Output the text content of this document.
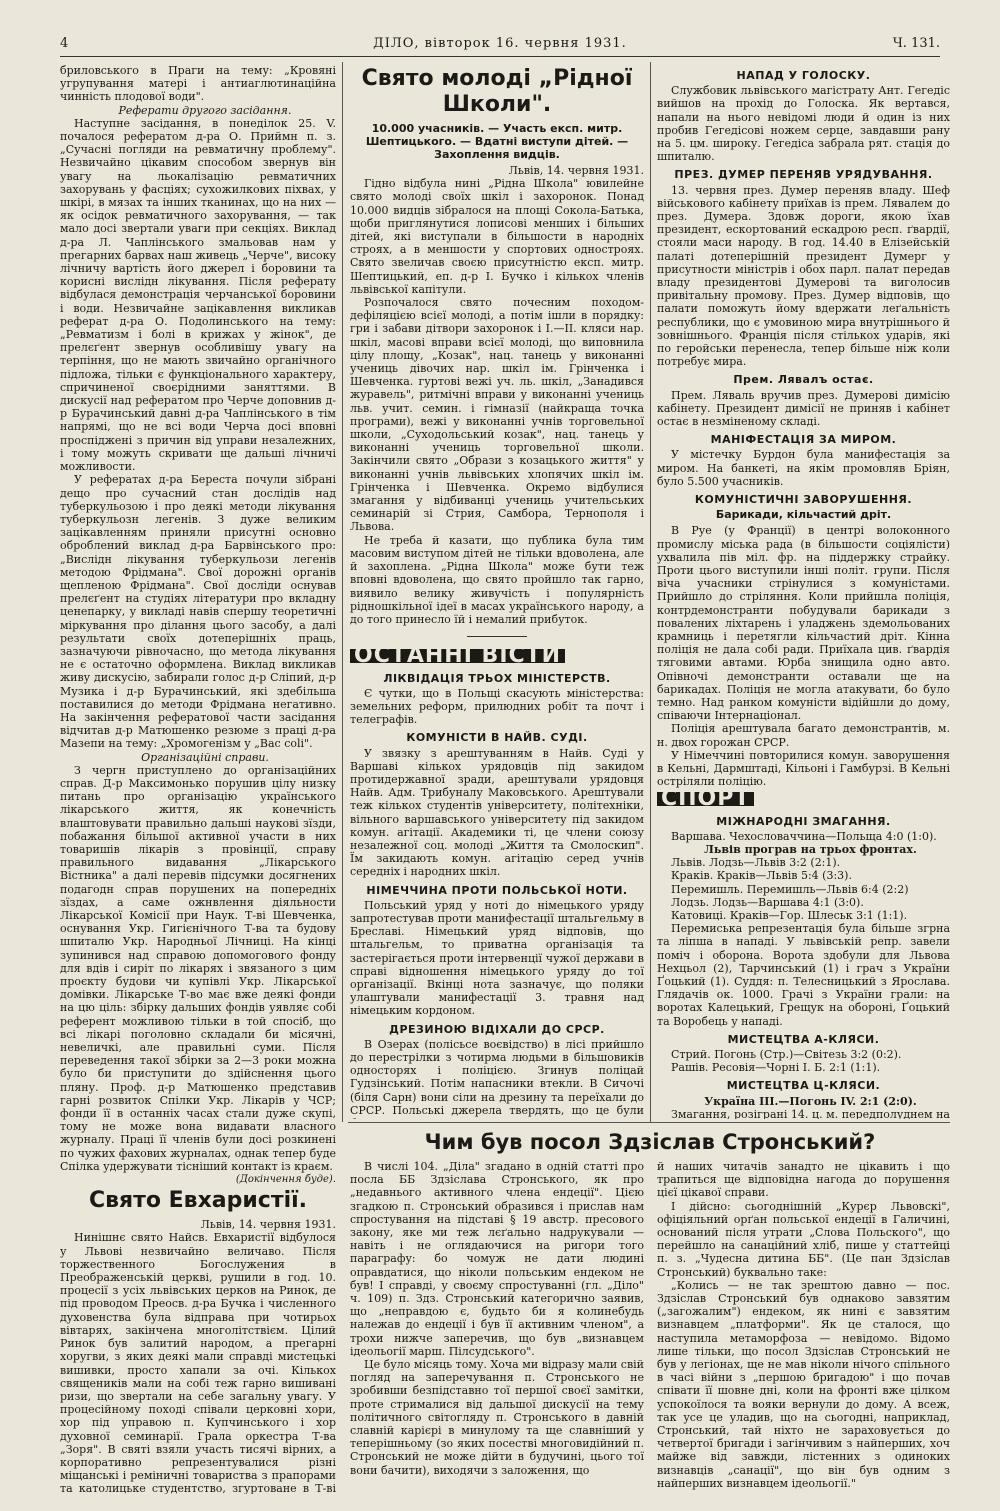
4	ДІЛО, вівторок 16. червня 1931.	Ч. 131.

бриловського в Праги на тему: „Кровяні угрупування матері і антиаглютинаційна чинність плодової води".

Реферати другого засідання.

Наступне засідання, в понеділок 25. V. почалося рефератом д-ра О. Приймн п. з. „Сучасні погляди на ревматичну проблему". Незвичайно цікавим способом звернув він увагу на льокалізацію ревматичних захорувань у фасціях; сухожилкових піхвах, у шкірі, в мязах та інших тканинах, що на них — як осідок ревматичного захорування, — так мало досі звертали уваги при секціях. Виклад д-ра Л. Чаплінського змальовав нам у прегарних барвах наш живець „Черче", високу лічничу вартість його джерел і боровини та корисні вислідн лікування. Після реферату відбулася демонстрація черчанської боровини і води. Незвичайне зацікавлення викликав реферат д-ра О. Подолинського на тему: „Ревматизм і болі в крижах у жінок", де прелєґент звернув особливішу увагу на терпіння, що не мають звичайно органічного підложа, тільки є функціонального характеру, спричиненої своєрідними заняттями. В дискусії над рефератом про Черче доповнив д-р Бурачинський давні д-ра Чаплінського в тім напрямі, що не всі води Черча досі вповні проспіджені з причин від управи незалежних, і тому можуть скривати ще дальші лічничі можливости.

У рефератах д-ра Береста почули зібрані дещо про сучасний стан дослідів над туберкульозою і про деякі методи лікування туберкульозн легенів. З дуже великим зацікавленням приняли присутні основно оброблений виклад д-ра Барвінського про: „Вислідн лікування туберкульози легенів методою Фрідмана". Свої дорожні органів щепленою Фрідмана". Свої досліди оснував прелєґент на студіях літератури про вкладну ценепарку, у викладі навів спершу теоретичні міркування про ділання цього засобу, а далі результати своїх дотеперішніх праць, зазначуючи рівночасно, що метода лікування не є остаточно оформлена. Виклад викликав живу дискусію, забирали голос д-р Сліпий, д-р Музика і д-р Бурачинський, які здебільша поставилися до методи Фрідмана негативно. На закінчення рефератової части засідання відчитав д-р Матюшенко резюме з праці д-ра Мазепи на тему: „Хромогенізм у „Вас соlі".

Організаційні справи.

З чергн приступлено до організаційних справ. Д-р Максимонько порушив цілу низку питань про організацію українського лікарського життя, як конечність влаштовувати правильно дальші наукові зїзди, побажання більшої активної участи в них товаришів лікарів з провінції, справу правильного видавання „Лікарського Вістника" а далі перевів підсумки досягнених подагодн справ порушених на попередніх зїздах, а саме ожнвлення діяльности Лікарської Комісії при Наук. Т-ві Шевченка, оснування Укр. Гигієнічного Т-ва та будову шпиталю Укр. Народньої Лічниці. На кінці зупинився над справою допомогового фонду для вдів і сиріт по лікарях і звязаного з цим проєкту будови чи купівлі Укр. Лікарської домівки. Лікарське Т-во має вже деякі фонди на цю ціль: збірку дальших фондів уявляє собі референт можливою тільки в той спосіб, що всі лікарі поголовно складали би місячні, невеличкі, але правильні суми. Після переведення такої збірки за 2—3 роки можна було би приступити до здійснення цього пляну. Проф. д-р Матюшенко представив гарні розвиток Спілки Укр. Лікарів у ЧСР; фонди її в останніх часах стали дуже скупі, тому не може вона видавати власного журналу. Праці її членів були досі розкинені по чужих фахових журналах, однак тепер буде Спілка удержувати тісніший контакт із краєм.

(Докінчення буде).

Свято Евхаристії.

Львів, 14. червня 1931.

Нинішнє свято Найсв. Евхаристії відбулося у Львові незвичайно величаво. Після торжественного Богослужения в Преображенській церкві, рушили в год. 10. процесії з усіх львівських церков на Ринок, де під проводом Преосв. д-ра Бучка і численного духовенства була відправа при чотирьох вівтарях, закінчена многолітствієм. Цілий Ринок був залитий народом, а прегарні хоругви, з яких деякі мали справді мистецькі вишивки, просто хапали за очі. Кількох священиків мали на собі теж гарно вишивані ризи, що звертали на себе загальну увагу. У процесійному поході співали церковні хори, хор під управою п. Купчинського і хор духовної семинарії. Грала оркестра Т-ва „Зоря". В святі взяли участь тисячі вірних, а корпоративно репрезентувалися різні міщанські і реміничні товариства з прапорами та католицьке студентство, згуртоване в Т-ві

Свято молоді „Рідної Школи".
10.000 учасників. — Участь експ. митр. Шептицького. — Вдатні виступи дітей. — Захоплення видців.

Львів, 14. червня 1931.

Гідно відбула нині „Рідна Школа" ювилейне свято молоді своїх шкіл і захоронок. Понад 10.000 видців зібралося на площі Сокола-Батька, щоби приглянутися лописові менших і більших дітей, які виступали в більшости в народніх строях, а в меншости у спортових одностроях. Свято звеличав своєю присутністю експ. митр. Шептицький, еп. д-р І. Бучко і кількох членів львівської капітули.

Розпочалося свято почесним походом-дефіляцією всієї молоді, а потім ішли в порядку: гри і забави дітвори захоронок і І.—ІІ. кляси нар. шкіл, масові вправи всієї молоді, що виповнила цілу площу, „Козак", нац. танець у виконанні учениць дівочих нар. шкіл ім. Грінченка і Шевченка. гуртові вежі уч. ль. шкіл, „Занадився журавель", ритмічні вправи у виконанні учениць льв. учит. семин. і гімназії (найкраща точка програми), вежі у виконанні учнів торговельної школи, „Суходольський козак", нац. танець у виконанні учениць торговельної школи. Закінчили свято „Образи з козацького життя" у виконанні учнів львівських хлопячих шкіл ім. Грінченка і Шевченка. Окремо відбулися змагання у відбиванці учениць учительських семинарій зі Стрия, Самбора, Тернополя і Львова.

Не треба й казати, що публика була тим масовим виступом дітей не тільки вдоволена, але й захоплена. „Рідна Школа" може бути теж вповні вдоволена, що свято пройшло так гарно, виявило велику живучість і популярність рідношкільної ідеї в масах українського народу, а до того принесло їй і немалий прибуток.

ОСТАННІ ВІСТИ
ЛІКВІДАЦІЯ ТРЬОХ МІНІСТЕРСТВ.

Є чутки, що в Польщі скасують міністерства: земельних реформ, прилюдних робіт та почт і телеграфів.

КОМУНІСТИ В НАЙВ. СУДІ.

У звязку з арештуванням в Найв. Суді у Варшаві кількох урядовців під закидом протидержавної зради, арештували урядовця Найв. Адм. Трибуналу Маковського. Арештували теж кількох студентів університету, політехніки, вільного варшавського університету під закидом комун. агітації. Академики ті, це члени союзу незалежної соц. молоді „Життя та Смолоскип". Їм закидають комун. агітацію серед учнів середніх і народних шкіл.

НІМЕЧЧИНА ПРОТИ ПОЛЬСЬКОЇ НОТИ.

Польський уряд у ноті до німецького уряду запротестував проти манифестації штальгельму в Бреславі. Німецький уряд відповів, що штальгельм, то приватна організація та застерігається проти інтервенції чужої держави в справі відношення німецького уряду до тої організації. Вкінці нота зазначує, що поляки улаштували манифестації 3. травня над німецьким кордоном.

ДРЕЗИНОЮ ВІДІХАЛИ ДО СРСР.

В Озерах (полісьсе воєвідство) в лісі прийшло до перестрілки з чотирма людьми в більшовиків односторях і поліцією. Згинув поліцай Гудзінський. Потім напасники втекли. В Сичочі (біля Сарн) вони сіли на дрезину та переїхали до СРСР. Польські джерела твердять, що це були

НАПАД У ГОЛОСКУ.

Службовик львівського магістрату Ант. Гегедіс вийшов на прохід до Голоска. Як вертався, напали на нього невідомі люди й один із них пробив Гегедісові ножем серце, завдавши рану на 5. цм. широку. Гегедіса забрала рят. стація до шпиталю.

ПРЕЗ. ДУМЕР ПЕРЕНЯВ УРЯДУВАННЯ.

13. червня през. Думер переняв владу. Шеф військового кабінету приїхав із прем. Лявалем до през. Думера. Здовж дороги, якою їхав президент, ескортований ескадрою респ. ґвардії, стояли маси народу. В год. 14.40 в Елізейській палаті дотеперішній президент Думерг у присутности міністрів і обох парл. палат передав владу президентові Думерові та виголосив привітальну промову. През. Думер відповів, що палати поможуть йому вдержати леґальність республики, що є умовиною мира внутрішнього й зовнішнього. Франція після стількох ударів, які по геройськи перенесла, тепер більше ніж коли потребує мира.

Прем. Лявалъ остає.

Прем. Ляваль вручив през. Думерові димісію кабінету. Президент димісії не приняв і кабінет остає в незміненому складі.

МАНІФЕСТАЦІЯ ЗА МИРОМ.

У містечку Бурдон була манифестація за миром. На банкеті, на якім промовляв Бріян, було 5.500 учасників.

КОМУНІСТИЧНІ ЗАВОРУШЕННЯ.
Барикади, кільчастий дріт.

В Руе (у Франції) в центрі волоконного промислу міська рада (в більшости соціялісти) ухвалила пів міл. фр. на піддержку страйку. Проти цього виступили інші політ. групи. Після віча учасники стрінулися з комуністами. Прийшло до стріляння. Коли прийшла поліція, контрдемонстранти побудували барикади з повалених ліхтарень і уладжень здемольованих крамниць і перетягли кільчастий дріт. Кінна поліція не дала собі ради. Приїхала цив. ґвардія тяговими автами. Юрба знищила одно авто. Опівночі демонстранти оставали ще на барикадах. Поліція не могла атакувати, бо було темно. Над ранком комуністи відійшли до дому, співаючи Інтернаціонал.

Поліція арештувала багато демонстрантів, м. н. двох горожан СРСР.

У Німеччині повторилися комун. заворушення в Кельні, Дармштаді, Кільоні і Гамбурзі. В Кельні остріляли поліцію.

СПОРТ
МІЖНАРОДНІ ЗМАГАННЯ.

Варшава. Чехословаччина—Польща 4:0 (1:0).

Львів програв на трьох фронтах.

Львів. Лодзь—Львів 3:2 (2:1).

Краків. Краків—Львів 5:4 (3:3).

Перемишль. Перемишль—Львів 6:4 (2:2)

Лодзь. Лодзь—Варшава 4:1 (3:0).

Катовиці. Краків—Гор. Шлеськ 3:1 (1:1).

Перемиська репрезентація була більше згрна та ліпша в нападі. У львівській репр. завели поміч і оборона. Ворота здобули для Львова Нехцьол (2), Тарчинський (1) і грач з України Ґоцький (1). Суддя: п. Телесницький з Ярослава. Глядачів ок. 1000. Грачі з України грали: на воротах Калецький, Грещук на обороні, Ґоцький та Воробець у нападі.

МИСТЕЦТВА А-КЛЯСИ.

Стрий. Погонь (Стр.)—Світезь 3:2 (0:2).

Рашів. Ресовія—Чорні І. Б. 2:1 (1:1).

МИСТЕЦТВА Ц-КЛЯСИ.

Україна ІІІ.—Погонь IV. 2:1 (2:0).

Змагання, розіграні 14. ц. м. передполуднем на

Чим був посол Здзіслав Стронський?

В числі 104. „Діла" згадано в одній статті про посла ББ Здзіслава Стронського, як про „недавнього активного члена ендеції". Цією згадкою п. Стронський образився і прислав нам спростування на підставі § 19 австр. пресового закону, яке ми теж лєґально надрукували — навіть і не оглядаючися на ригори того параграфу: бо чомуж не дати людині оправдатися, що ніколи польським ендеком не був! І справді, у своєму спростуванні (гл. „Діло" ч. 109) п. Здз. Стронський категорично заявив, що „неправдою є, будьто би я колинебудь належав до ендеції і був її активним членом", а трохи нижче заперечив, що був „визнавцем ідеольогії марш. Пілсудського".

Це було місяць тому. Хоча ми відразу мали свій погляд на заперечування п. Стронського не зробивши безпідставно тої першої своєї замітки, проте стрималися від дальшої дискусії на тему політичного світогляду п. Стронського в давній славній карієрі в минулому та ще славніший у теперішньому (зо яких посестві многовидійний п. Стронський не може дійти в будучині, цього тої вони бачити), виходячи з заложення, що

й наших читачів занадто не цікавить і що трапиться ще відповідна нагода до порушення цієї цікавої справи.

І дійсно: сьогоднішній „Курєр Львовскі", офіціяльний орґан польської ендеції в Галичині, оснований після утрати „Слова Польского", що перейшло на санаційний хліб, пише у статтейці п. з. „Чудесна дитина ББ". (Це пан Здзіслав Стронський) буквально таке:

„Колись — не так зрештою давно — пос. Здзіслав Стронський був однаково завзятим („загожалим") ендеком, як нині є завзятим визнавцем „платформи". Як це сталося, що наступила метаморфоза — невідомо. Відомо лише тільки, що посол Здзіслав Стронський не був у легіонах, ще не мав ніколи нічого спільного в часі війни з „першою бригадою" і що почав співати її шовне дні, коли на фронті вже цілком успокоїлося та вояки вернули до дому. А всеж, так усе це уладив, що на сьогодні, наприклад, Стронський, тай ніхто не зараховується до четвертої бригади і загінчивим з найперших, хоч майже від завжди, лістенних з одиноких визнавців „санації", що він був одним з найперших визнавцем ідеольогії."
